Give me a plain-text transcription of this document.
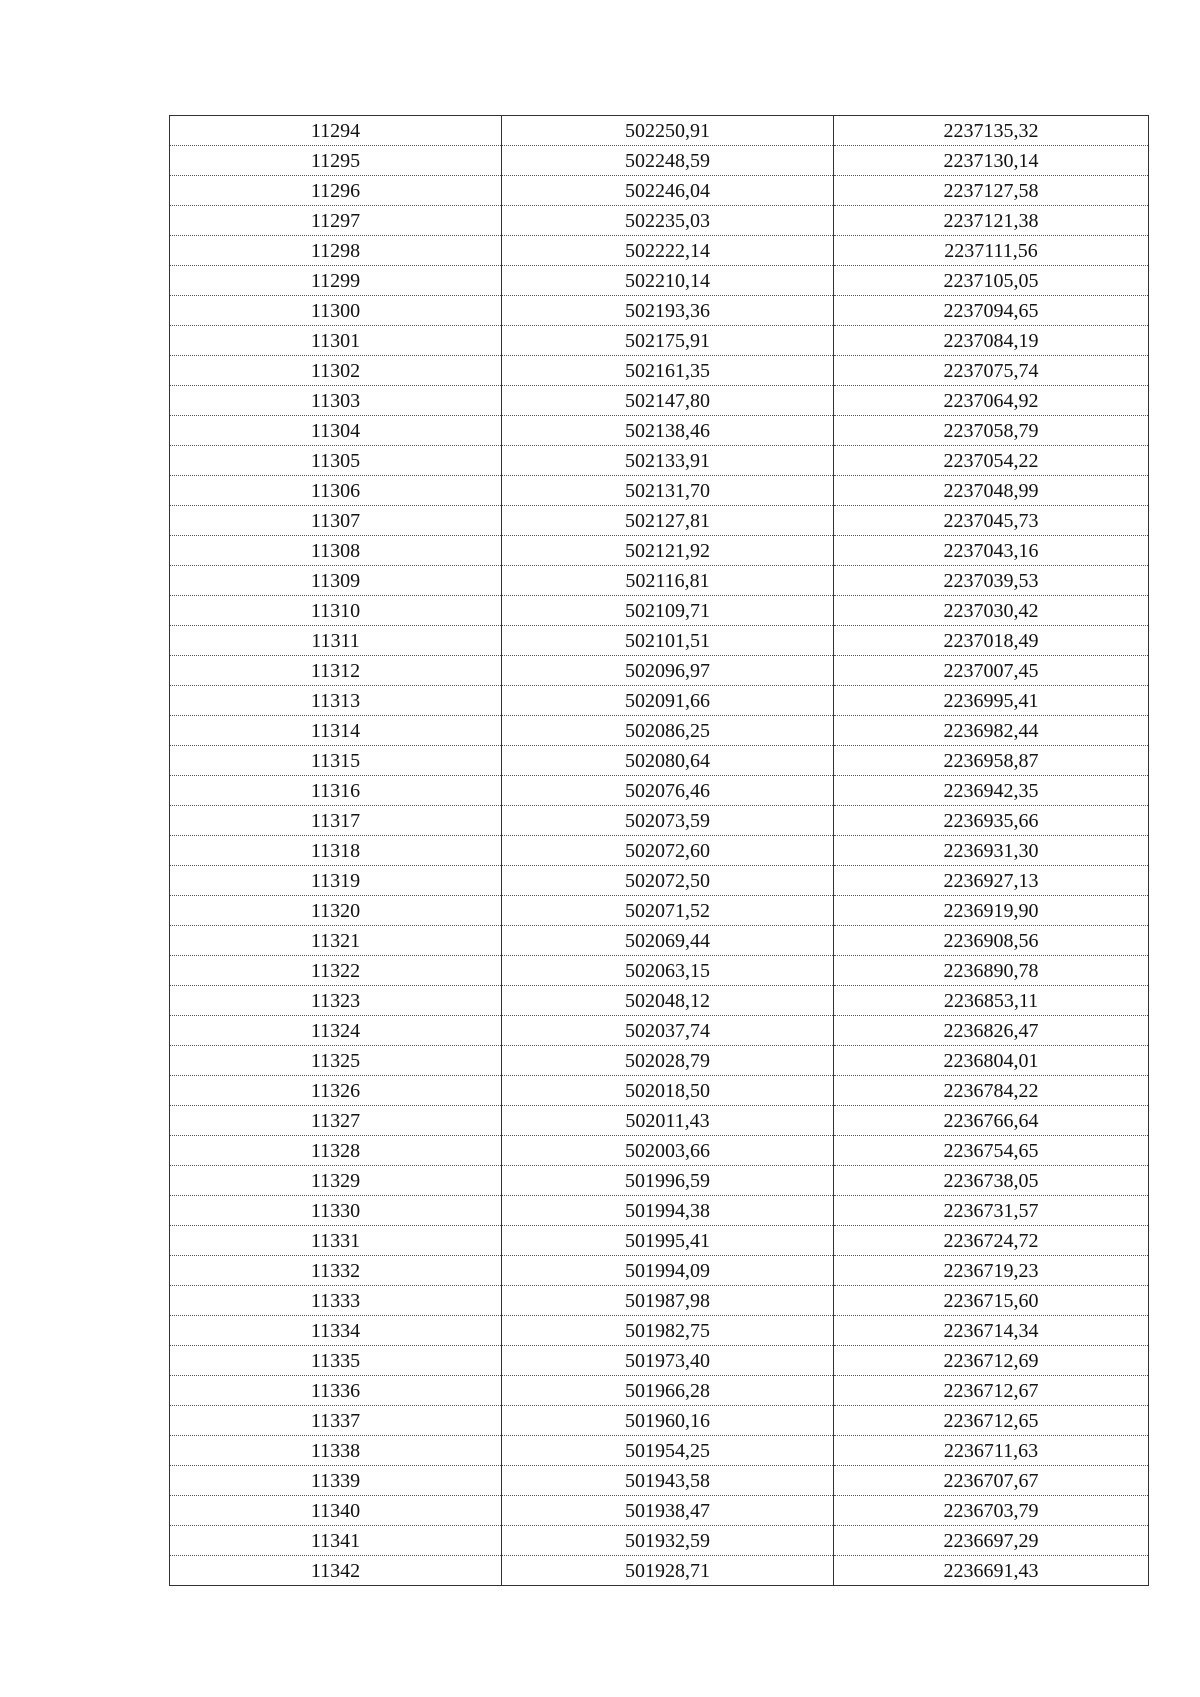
11294	502250,91	2237135,32
11295	502248,59	2237130,14
11296	502246,04	2237127,58
11297	502235,03	2237121,38
11298	502222,14	2237111,56
11299	502210,14	2237105,05
11300	502193,36	2237094,65
11301	502175,91	2237084,19
11302	502161,35	2237075,74
11303	502147,80	2237064,92
11304	502138,46	2237058,79
11305	502133,91	2237054,22
11306	502131,70	2237048,99
11307	502127,81	2237045,73
11308	502121,92	2237043,16
11309	502116,81	2237039,53
11310	502109,71	2237030,42
11311	502101,51	2237018,49
11312	502096,97	2237007,45
11313	502091,66	2236995,41
11314	502086,25	2236982,44
11315	502080,64	2236958,87
11316	502076,46	2236942,35
11317	502073,59	2236935,66
11318	502072,60	2236931,30
11319	502072,50	2236927,13
11320	502071,52	2236919,90
11321	502069,44	2236908,56
11322	502063,15	2236890,78
11323	502048,12	2236853,11
11324	502037,74	2236826,47
11325	502028,79	2236804,01
11326	502018,50	2236784,22
11327	502011,43	2236766,64
11328	502003,66	2236754,65
11329	501996,59	2236738,05
11330	501994,38	2236731,57
11331	501995,41	2236724,72
11332	501994,09	2236719,23
11333	501987,98	2236715,60
11334	501982,75	2236714,34
11335	501973,40	2236712,69
11336	501966,28	2236712,67
11337	501960,16	2236712,65
11338	501954,25	2236711,63
11339	501943,58	2236707,67
11340	501938,47	2236703,79
11341	501932,59	2236697,29
11342	501928,71	2236691,43
